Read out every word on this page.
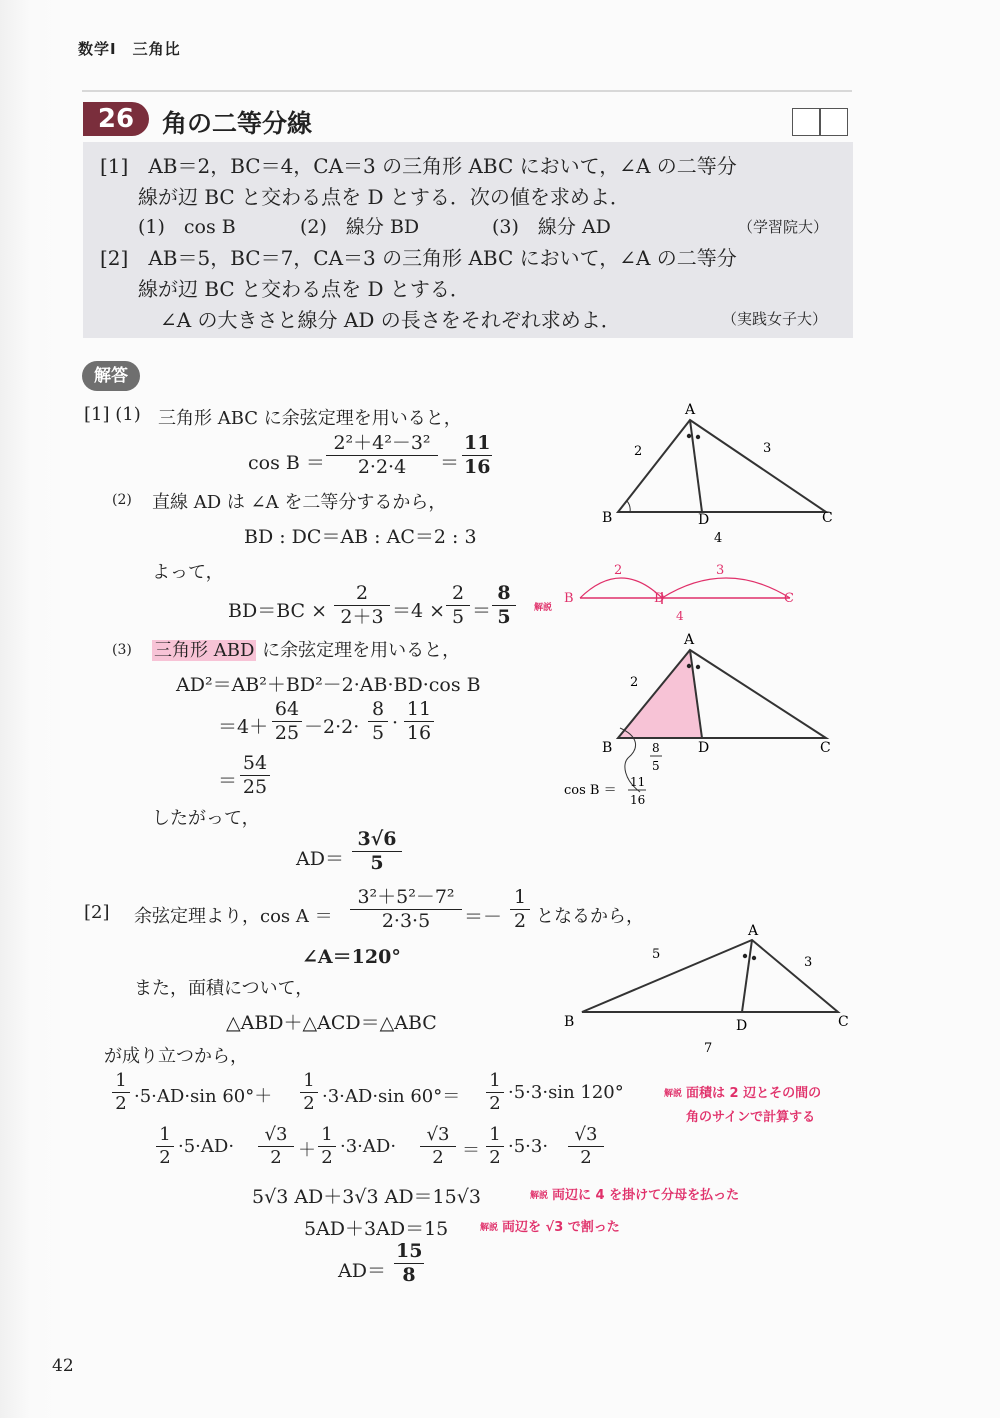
数学Ⅰ　三角比
26	角の二等分線
[1]　AB＝2，BC＝4，CA＝3 の三角形 ABC において，∠A の二等分
線が辺 BC と交わる点を D とする．次の値を求めよ．
(1)　cos B	(2)　線分 BD	(3)　線分 AD	（学習院大）
[2]　AB＝5，BC＝7，CA＝3 の三角形 ABC において，∠A の二等分
線が辺 BC と交わる点を D とする．
∠A の大きさと線分 AD の長さをそれぞれ求めよ．	（実践女子大）
解答
[1] (1) 三角形 ABC に余弦定理を用いると，
$\cos B = \frac{\text{2²＋4²－3²}}{2\cdot 2\cdot 4} = \frac{11}{16}$
(2) 直線 AD は ∠A を二等分するから，
BD : DC＝AB : AC＝2 : 3
よって，
$BD=BC \times \frac{2}{2+3} =4 \times \frac{2}{5} = \frac{8}{5}$ 解説
(3) 三角形 ABD に余弦定理を用いると，
AD²＝AB²＋BD²－2·AB·BD·cos B
$=4+ \frac{64}{25} -2\cdot 2\cdot \frac{8}{5} \cdot \frac{11}{16}$
＝ $\frac{54}{25}$
したがって，
$AD= \frac{3√6}{5}$
[2] 余弦定理より，$\cos A = \frac{\text{3²＋5²－7²}}{2\cdot 3\cdot 5} =- \frac{1}{2}$ となるから，
∠A＝120°
また，面積について，
△ABD＋△ACD＝△ABC
が成り立つから，
$\frac{1}{2} \cdot 5\cdot AD\cdot\sin$ $60^\circ+ \frac{1}{2} \cdot 3\cdot AD\cdot\sin$ $60^\circ= \frac{1}{2} \cdot 5\cdot 3\cdot\sin$ 120°	解説 面積は 2 辺とその間の
角のサインで計算する
$\frac{1}{2} \cdot 5\cdot AD\cdot \frac{√3}{2} + \frac{1}{2} \cdot 3\cdot AD\cdot \frac{√3}{2} = \frac{1}{2} \cdot 5\cdot 3\cdot \frac{√3}{2}$
5√3 AD＋3√3 AD＝15√3	解説 両辺に 4 を掛けて分母を払った
5AD＋3AD＝15	解説 両辺を √3 で割った
$AD= \frac{15}{8}$
A
B	C
D
2	3
4
2	3
B	D	C
4
A
B	C
D
2
8
5
cos B ＝
11
16
A
B	C
D
5
3
7
42
